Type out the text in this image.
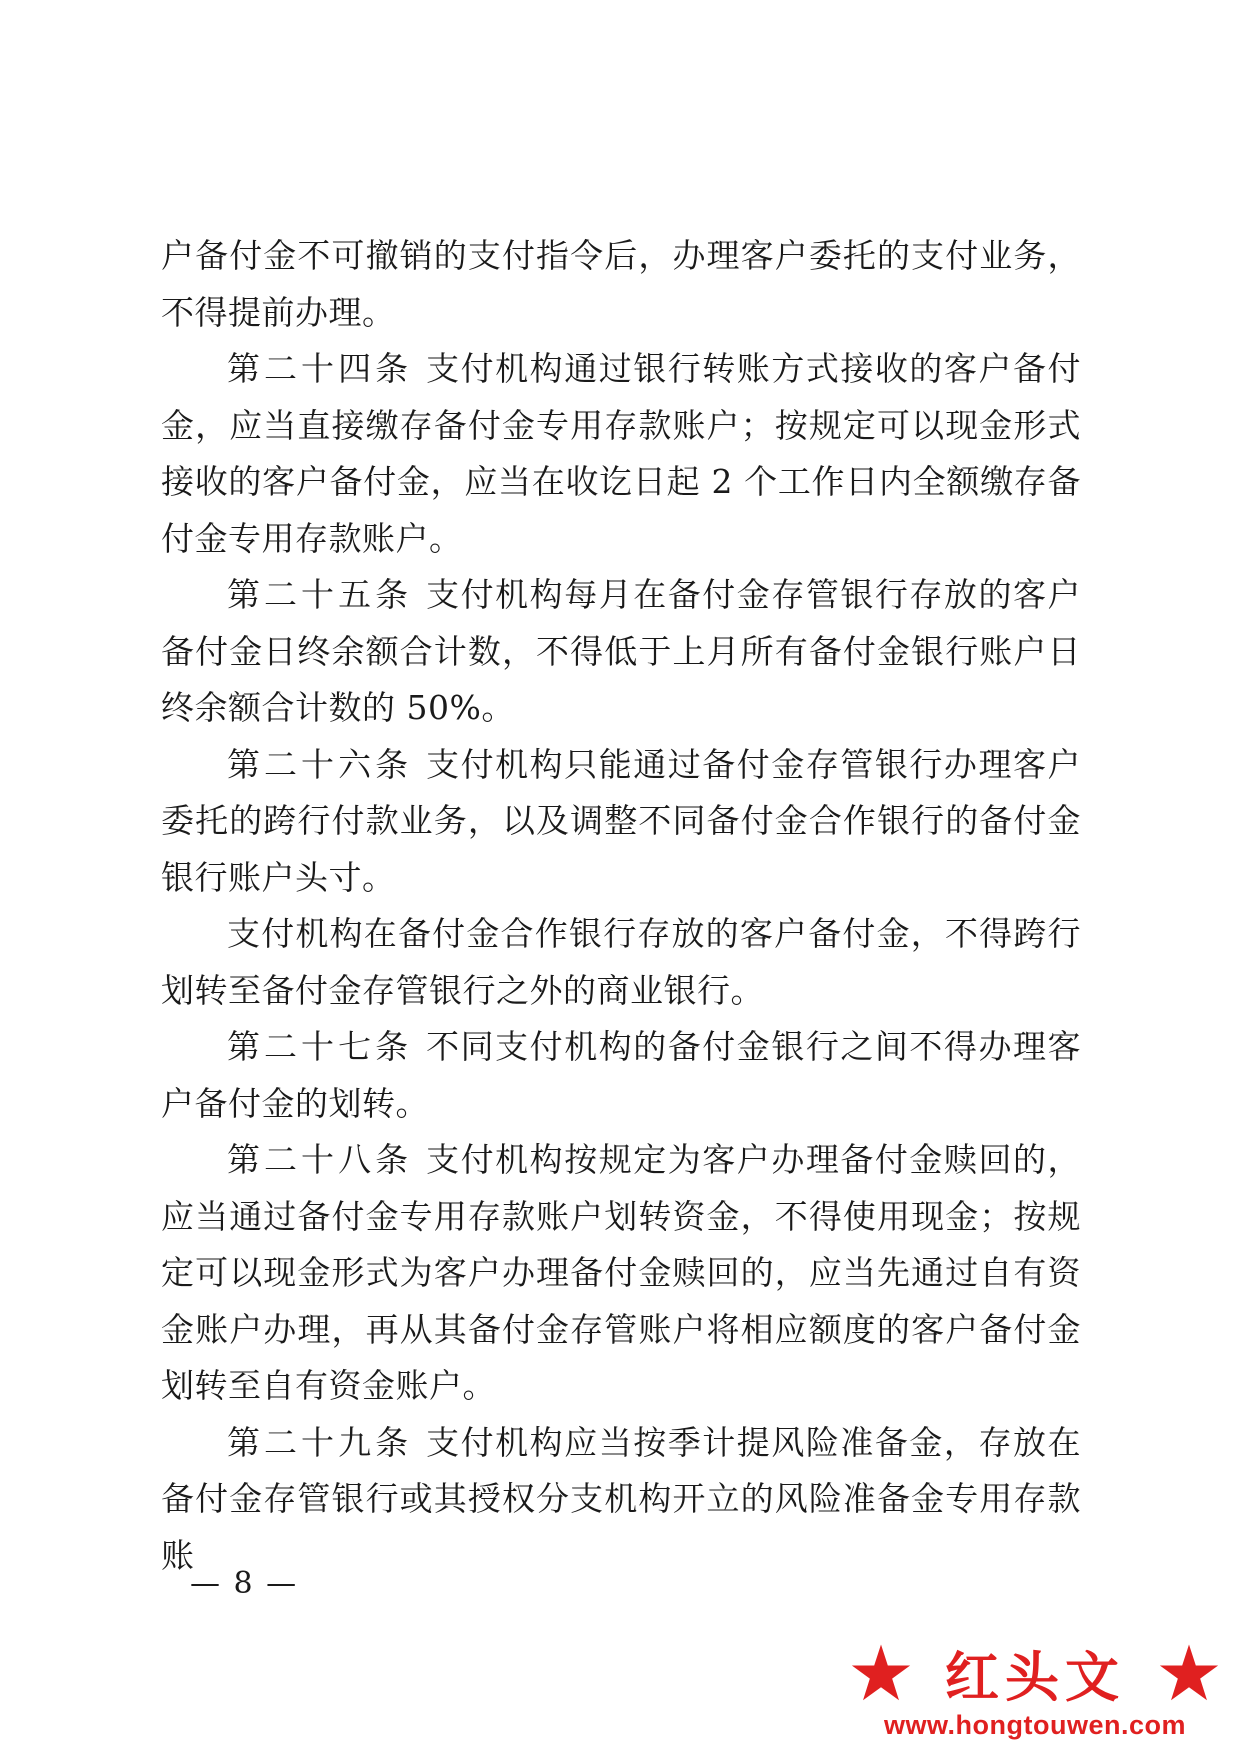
户备付金不可撤销的支付指令后，办理客户委托的支付业务，不得提前办理。

第二十四条 支付机构通过银行转账方式接收的客户备付金，应当直接缴存备付金专用存款账户；按规定可以现金形式接收的客户备付金，应当在收讫日起 2 个工作日内全额缴存备付金专用存款账户。

第二十五条 支付机构每月在备付金存管银行存放的客户备付金日终余额合计数，不得低于上月所有备付金银行账户日终余额合计数的 50%。

第二十六条 支付机构只能通过备付金存管银行办理客户委托的跨行付款业务，以及调整不同备付金合作银行的备付金银行账户头寸。

支付机构在备付金合作银行存放的客户备付金，不得跨行划转至备付金存管银行之外的商业银行。

第二十七条 不同支付机构的备付金银行之间不得办理客户备付金的划转。

第二十八条 支付机构按规定为客户办理备付金赎回的，应当通过备付金专用存款账户划转资金，不得使用现金；按规定可以现金形式为客户办理备付金赎回的，应当先通过自有资金账户办理，再从其备付金存管账户将相应额度的客户备付金划转至自有资金账户。

第二十九条 支付机构应当按季计提风险准备金，存放在备付金存管银行或其授权分支机构开立的风险准备金专用存款账

— 8 —
红头文
www.hongtouwen.com
